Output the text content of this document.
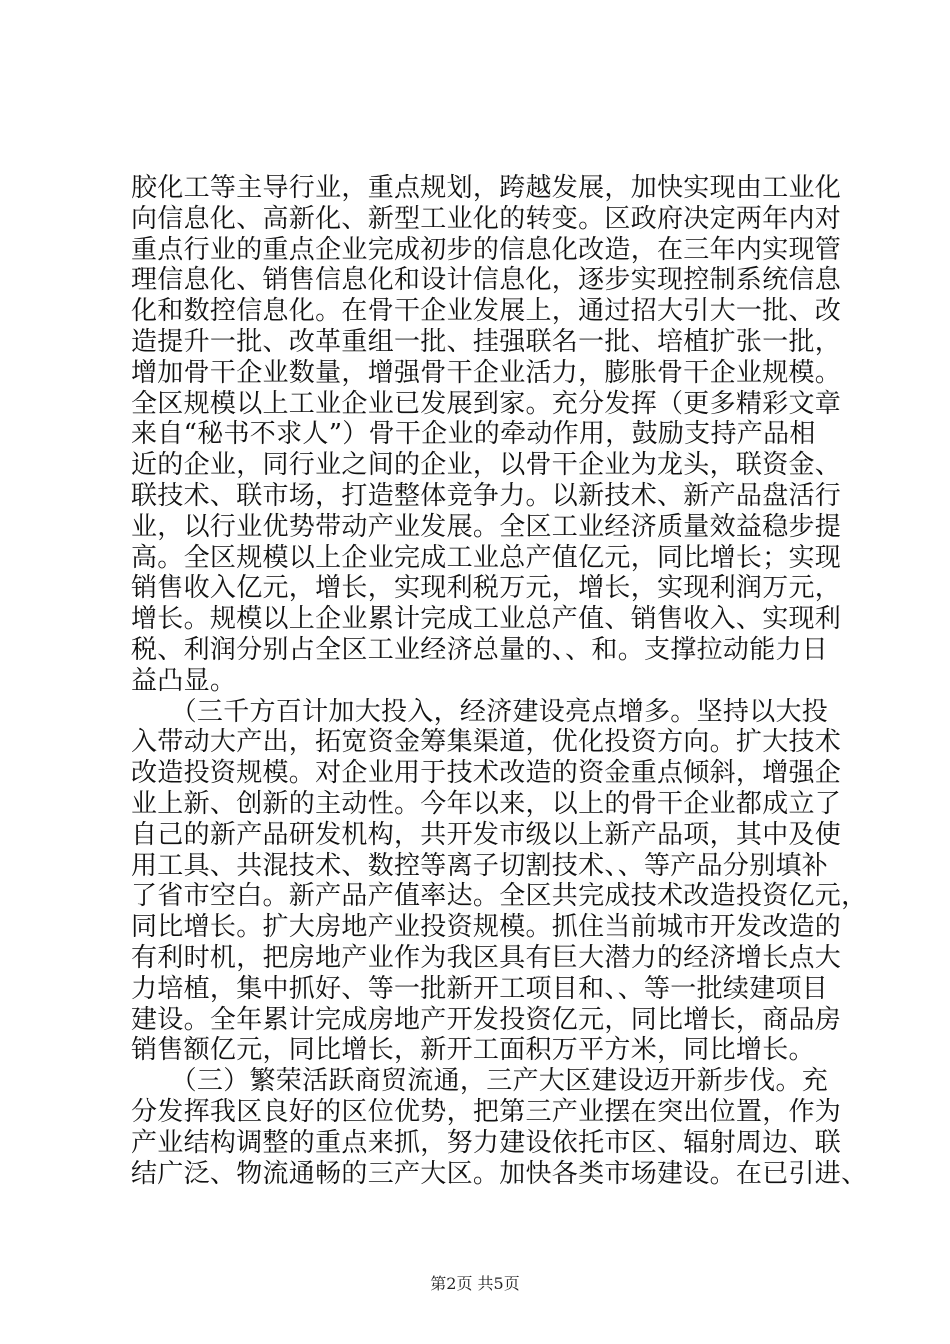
胶化工等主导行业，重点规划，跨越发展，加快实现由工业化
向信息化、高新化、新型工业化的转变。区政府决定两年内对
重点行业的重点企业完成初步的信息化改造，在三年内实现管
理信息化、销售信息化和设计信息化，逐步实现控制系统信息
化和数控信息化。在骨干企业发展上，通过招大引大一批、改
造提升一批、改革重组一批、挂强联名一批、培植扩张一批，
增加骨干企业数量，增强骨干企业活力，膨胀骨干企业规模。
全区规模以上工业企业已发展到家。充分发挥（更多精彩文章
来自“秘书不求人”）骨干企业的牵动作用，鼓励支持产品相
近的企业，同行业之间的企业，以骨干企业为龙头，联资金、
联技术、联市场，打造整体竞争力。以新技术、新产品盘活行
业，以行业优势带动产业发展。全区工业经济质量效益稳步提
高。全区规模以上企业完成工业总产值亿元，同比增长；实现
销售收入亿元，增长，实现利税万元，增长，实现利润万元，
增长。规模以上企业累计完成工业总产值、销售收入、实现利
税、利润分别占全区工业经济总量的、、和。支撑拉动能力日
益凸显。

　　（三千方百计加大投入，经济建设亮点增多。坚持以大投
入带动大产出，拓宽资金筹集渠道，优化投资方向。扩大技术
改造投资规模。对企业用于技术改造的资金重点倾斜，增强企
业上新、创新的主动性。今年以来，以上的骨干企业都成立了
自己的新产品研发机构，共开发市级以上新产品项，其中及使
用工具、共混技术、数控等离子切割技术、、等产品分别填补
了省市空白。新产品产值率达。全区共完成技术改造投资亿元，
同比增长。扩大房地产业投资规模。抓住当前城市开发改造的
有利时机，把房地产业作为我区具有巨大潜力的经济增长点大
力培植，集中抓好、等一批新开工项目和、、等一批续建项目
建设。全年累计完成房地产开发投资亿元，同比增长，商品房
销售额亿元，同比增长，新开工面积万平方米，同比增长。

　　（三）繁荣活跃商贸流通，三产大区建设迈开新步伐。充
分发挥我区良好的区位优势，把第三产业摆在突出位置，作为
产业结构调整的重点来抓，努力建设依托市区、辐射周边、联
结广泛、物流通畅的三产大区。加快各类市场建设。在已引进、

第2页 共5页
